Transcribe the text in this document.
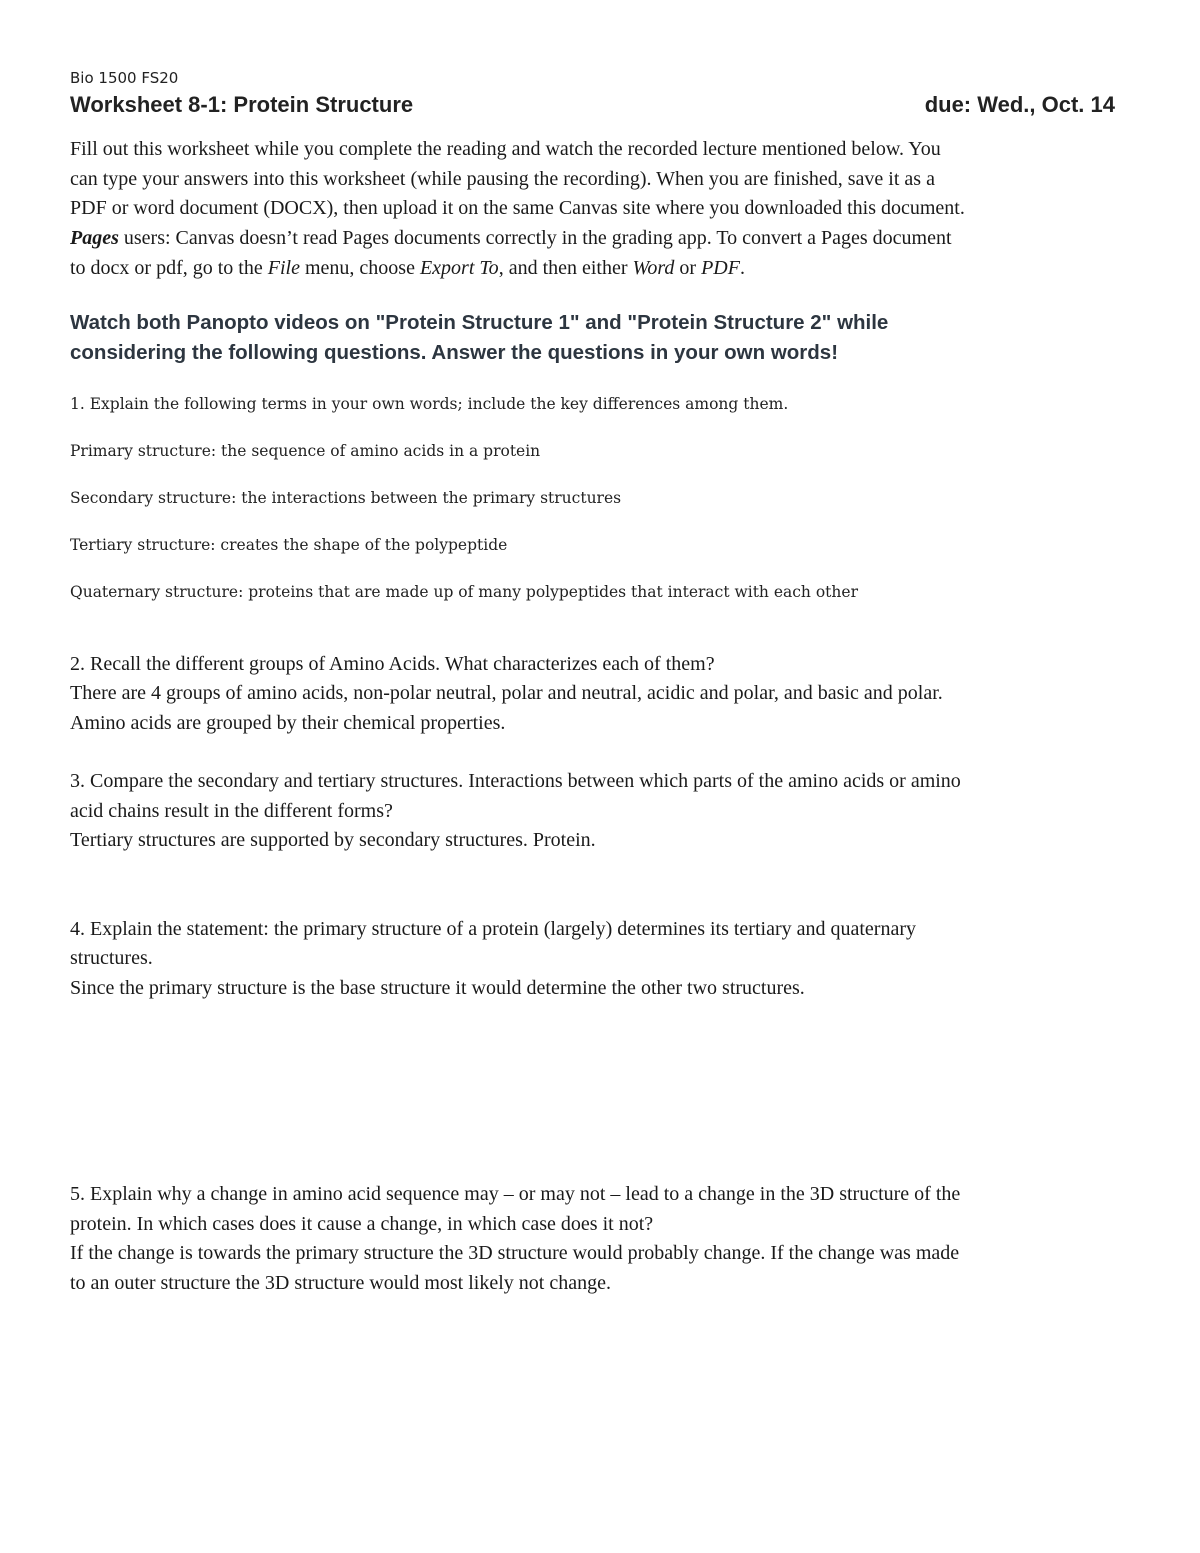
Bio 1500 FS20

Worksheet 8-1: Protein Structure	due: Wed., Oct. 14
Fill out this worksheet while you complete the reading and watch the recorded lecture mentioned below. You
can type your answers into this worksheet (while pausing the recording). When you are finished, save it as a
PDF or word document (DOCX), then upload it on the same Canvas site where you downloaded this document.
Pages users: Canvas doesn’t read Pages documents correctly in the grading app. To convert a Pages document
to docx or pdf, go to the File menu, choose Export To, and then either Word or PDF.
Watch both Panopto videos on "Protein Structure 1" and "Protein Structure 2" while
considering the following questions. Answer the questions in your own words!

1. Explain the following terms in your own words; include the key differences among them.

Primary structure: the sequence of amino acids in a protein

Secondary structure: the interactions between the primary structures

Tertiary structure: creates the shape of the polypeptide

Quaternary structure: proteins that are made up of many polypeptides that interact with each other

2. Recall the different groups of Amino Acids. What characterizes each of them?
There are 4 groups of amino acids, non-polar neutral, polar and neutral, acidic and polar, and basic and polar.
Amino acids are grouped by their chemical properties.
3. Compare the secondary and tertiary structures. Interactions between which parts of the amino acids or amino
acid chains result in the different forms?
Tertiary structures are supported by secondary structures. Protein.
4. Explain the statement: the primary structure of a protein (largely) determines its tertiary and quaternary
structures.
Since the primary structure is the base structure it would determine the other two structures.
5. Explain why a change in amino acid sequence may – or may not – lead to a change in the 3D structure of the
protein. In which cases does it cause a change, in which case does it not?
If the change is towards the primary structure the 3D structure would probably change. If the change was made
to an outer structure the 3D structure would most likely not change.
